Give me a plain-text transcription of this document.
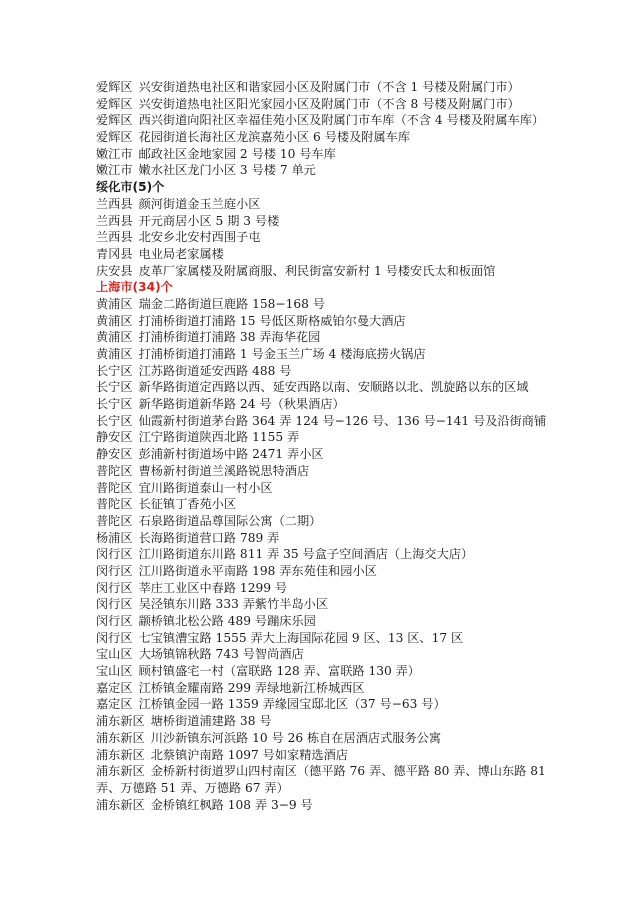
爱辉区 兴安街道热电社区和谐家园小区及附属门市（不含 1 号楼及附属门市）
爱辉区 兴安街道热电社区阳光家园小区及附属门市（不含 8 号楼及附属门市）
爱辉区 西兴街道向阳社区幸福佳苑小区及附属门市车库（不含 4 号楼及附属车库）
爱辉区 花园街道长海社区龙滨嘉苑小区 6 号楼及附属车库
嫩江市 邮政社区金地家园 2 号楼 10 号车库
嫩江市 嫩水社区龙门小区 3 号楼 7 单元
绥化市(5)个
兰西县 颜河街道金玉兰庭小区
兰西县 开元商居小区 5 期 3 号楼
兰西县 北安乡北安村西围子屯
青冈县 电业局老家属楼
庆安县 皮革厂家属楼及附属商服、利民街富安新村 1 号楼安氏太和板面馆
上海市(34)个
黄浦区 瑞金二路街道巨鹿路 158−168 号
黄浦区 打浦桥街道打浦路 15 号低区斯格威铂尔曼大酒店
黄浦区 打浦桥街道打浦路 38 弄海华花园
黄浦区 打浦桥街道打浦路 1 号金玉兰广场 4 楼海底捞火锅店
长宁区 江苏路街道延安西路 488 号
长宁区 新华路街道定西路以西、延安西路以南、安顺路以北、凯旋路以东的区域
长宁区 新华路街道新华路 24 号（秋果酒店）
长宁区 仙霞新村街道茅台路 364 弄 124 号−126 号、136 号−141 号及沿街商铺
静安区 江宁路街道陕西北路 1155 弄
静安区 彭浦新村街道场中路 2471 弄小区
普陀区 曹杨新村街道兰溪路锐思特酒店
普陀区 宜川路街道泰山一村小区
普陀区 长征镇丁香苑小区
普陀区 石泉路街道品尊国际公寓（二期）
杨浦区 长海路街道营口路 789 弄
闵行区 江川路街道东川路 811 弄 35 号盒子空间酒店（上海交大店）
闵行区 江川路街道永平南路 198 弄东苑佳和园小区
闵行区 莘庄工业区中春路 1299 号
闵行区 吴泾镇东川路 333 弄紫竹半岛小区
闵行区 颛桥镇北松公路 489 号蹦床乐园
闵行区 七宝镇漕宝路 1555 弄大上海国际花园 9 区、13 区、17 区
宝山区 大场镇锦秋路 743 号智尚酒店
宝山区 顾村镇盛宅一村（富联路 128 弄、富联路 130 弄）
嘉定区 江桥镇金耀南路 299 弄绿地新江桥城西区
嘉定区 江桥镇金园一路 1359 弄缘园宝邸北区（37 号−63 号）
浦东新区 塘桥街道浦建路 38 号
浦东新区 川沙新镇东河浜路 10 号 26 栋自在居酒店式服务公寓
浦东新区 北蔡镇沪南路 1097 号如家精选酒店
浦东新区 金桥新村街道罗山四村南区（德平路 76 弄、德平路 80 弄、博山东路 81 弄、万德路 51 弄、万德路 67 弄）
浦东新区 金桥镇红枫路 108 弄 3−9 号
